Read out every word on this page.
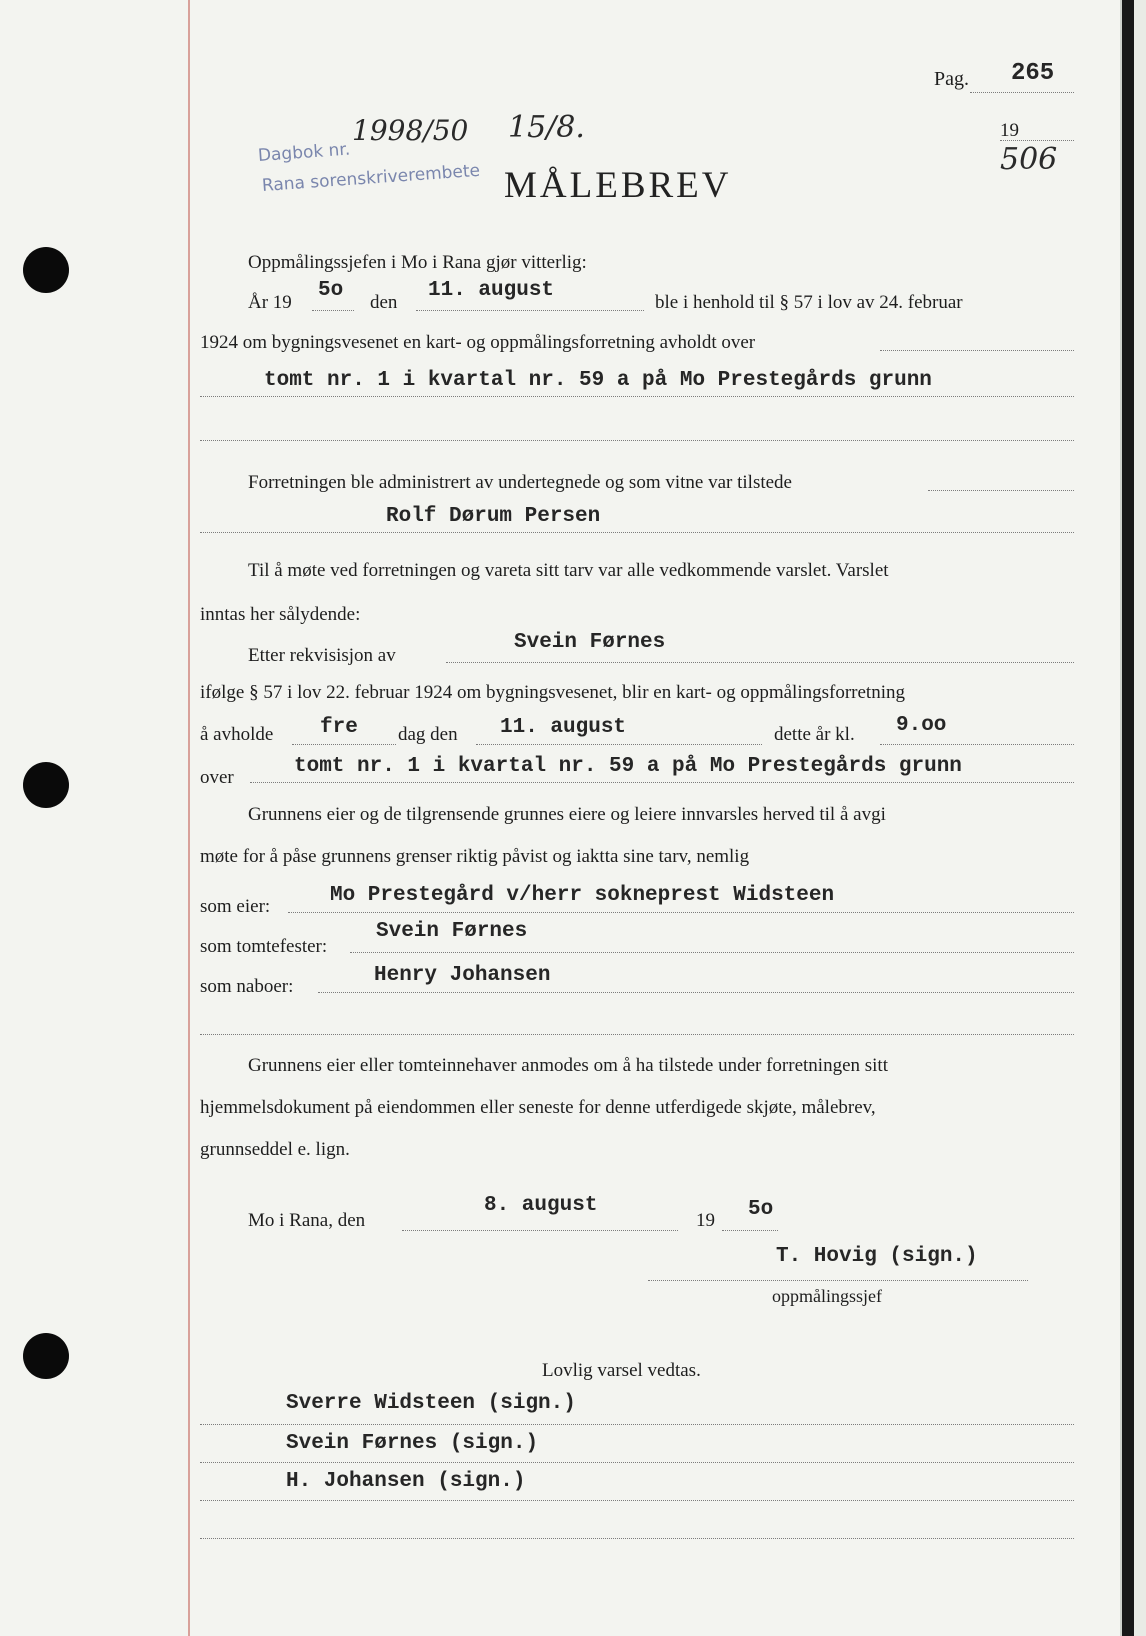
Pag. 265
19
506
Dagbok nr.
Rana sorenskriverembete
1998/50 15/8.
MÅLEBREV
Oppmålingssjefen i Mo i Rana gjør vitterlig:
År 19
5o
den
11. august
ble i henhold til § 57 i lov av 24. februar
1924 om bygningsvesenet en kart- og oppmålingsforretning avholdt over
tomt nr. 1 i kvartal nr. 59 a på Mo Prestegårds grunn
Forretningen ble administrert av undertegnede og som vitne var tilstede
Rolf Dørum Persen
Til å møte ved forretningen og vareta sitt tarv var alle vedkommende varslet. Varslet
inntas her sålydende:
Etter rekvisisjon av
Svein Førnes
ifølge § 57 i lov 22. februar 1924 om bygningsvesenet, blir en kart- og oppmålingsforretning
å avholde fre dag den 11. august	dette år kl. 9.oo
over	tomt nr. 1 i kvartal nr. 59 a på Mo Prestegårds grunn
Grunnens eier og de tilgrensende grunnes eiere og leiere innvarsles herved til å avgi
møte for å påse grunnens grenser riktig påvist og iaktta sine tarv, nemlig
som eier:	Mo Prestegård v/herr sokneprest Widsteen
som tomtefester:
Svein Førnes
som naboer:	Henry Johansen
Grunnens eier eller tomteinnehaver anmodes om å ha tilstede under forretningen sitt
hjemmelsdokument på eiendommen eller seneste for denne utferdigede skjøte, målebrev,
grunnseddel e. lign.
Mo i Rana, den
8. august
19 5o
T. Hovig (sign.)
oppmålingssjef
Lovlig varsel vedtas.
Sverre Widsteen (sign.)
Svein Førnes (sign.)
H. Johansen (sign.)
